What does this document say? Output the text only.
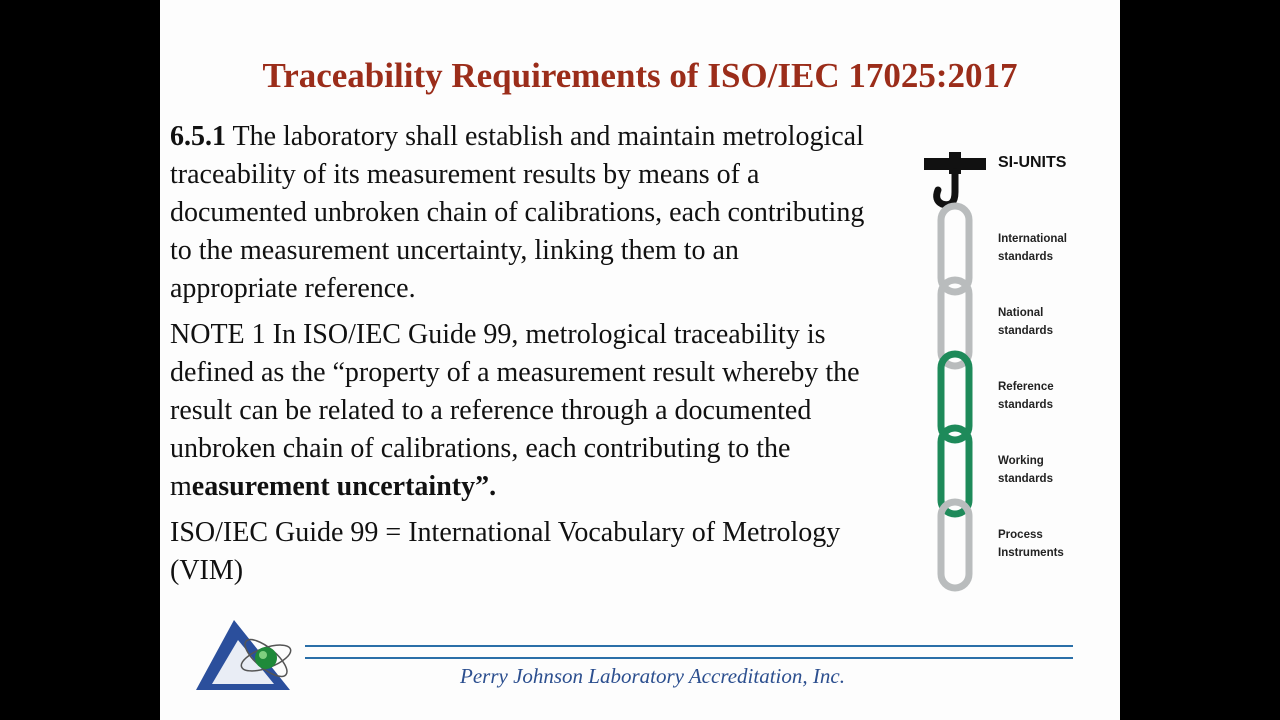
Traceability Requirements of ISO/IEC 17025:2017

6.5.1 The laboratory shall establish and maintain metrological traceability of its measurement results by means of a documented unbroken chain of calibrations, each contributing to the measurement uncertainty, linking them to an appropriate reference.

NOTE 1 In ISO/IEC Guide 99, metrological traceability is defined as the “property of a measurement result whereby the result can be related to a reference through a documented unbroken chain of calibrations, each contributing to the measurement uncertainty”.

ISO/IEC Guide 99 = International Vocabulary of Metrology (VIM)

SI-UNITS
International
standards
National
standards
Reference
standards
Working
standards
Process
Instruments
Perry Johnson Laboratory Accreditation, Inc.
